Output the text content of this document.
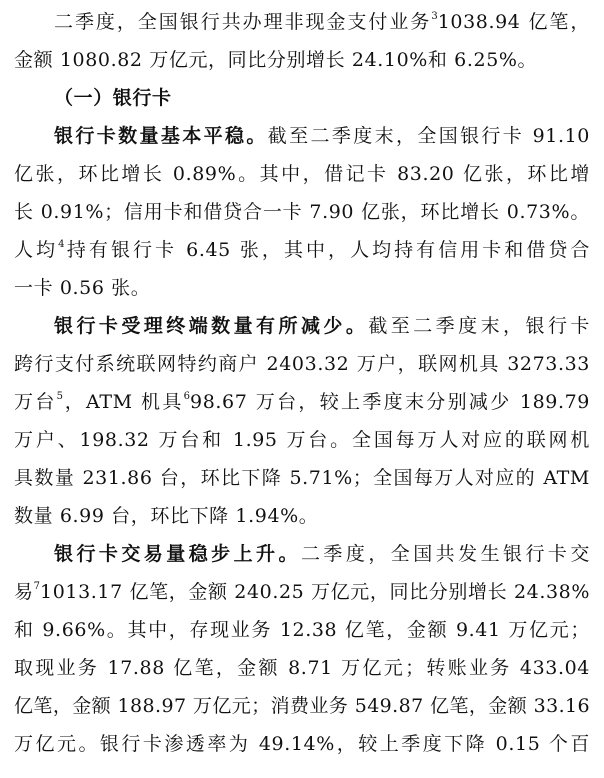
二季度，全国银行共办理非现金支付业务$^3$1038.94 亿笔，
金额 1080.82 万亿元，同比分别增长 24.10%和 6.25%。
（一）银行卡
银行卡数量基本平稳。截至二季度末，全国银行卡 91.10
亿张，环比增长 0.89%。其中，借记卡 83.20 亿张，环比增
长 0.91%；信用卡和借贷合一卡 7.90 亿张，环比增长 0.73%。
人均$^4$持有银行卡 6.45 张，其中，人均持有信用卡和借贷合
一卡 0.56 张。
银行卡受理终端数量有所减少。截至二季度末，银行卡
跨行支付系统联网特约商户 2403.32 万户，联网机具 3273.33
万台$^5$，ATM 机具$^6$98.67 万台，较上季度末分别减少 189.79
万户、198.32 万台和 1.95 万台。全国每万人对应的联网机
具数量 231.86 台，环比下降 5.71%；全国每万人对应的 ATM
数量 6.99 台，环比下降 1.94%。
银行卡交易量稳步上升。二季度，全国共发生银行卡交
易$^7$1013.17 亿笔，金额 240.25 万亿元，同比分别增长 24.38%
和 9.66%。其中，存现业务 12.38 亿笔，金额 9.41 万亿元；
取现业务 17.88 亿笔，金额 8.71 万亿元；转账业务 433.04
亿笔，金额 188.97 万亿元；消费业务 549.87 亿笔，金额 33.16
万亿元。银行卡渗透率为 49.14%，较上季度下降 0.15 个百
